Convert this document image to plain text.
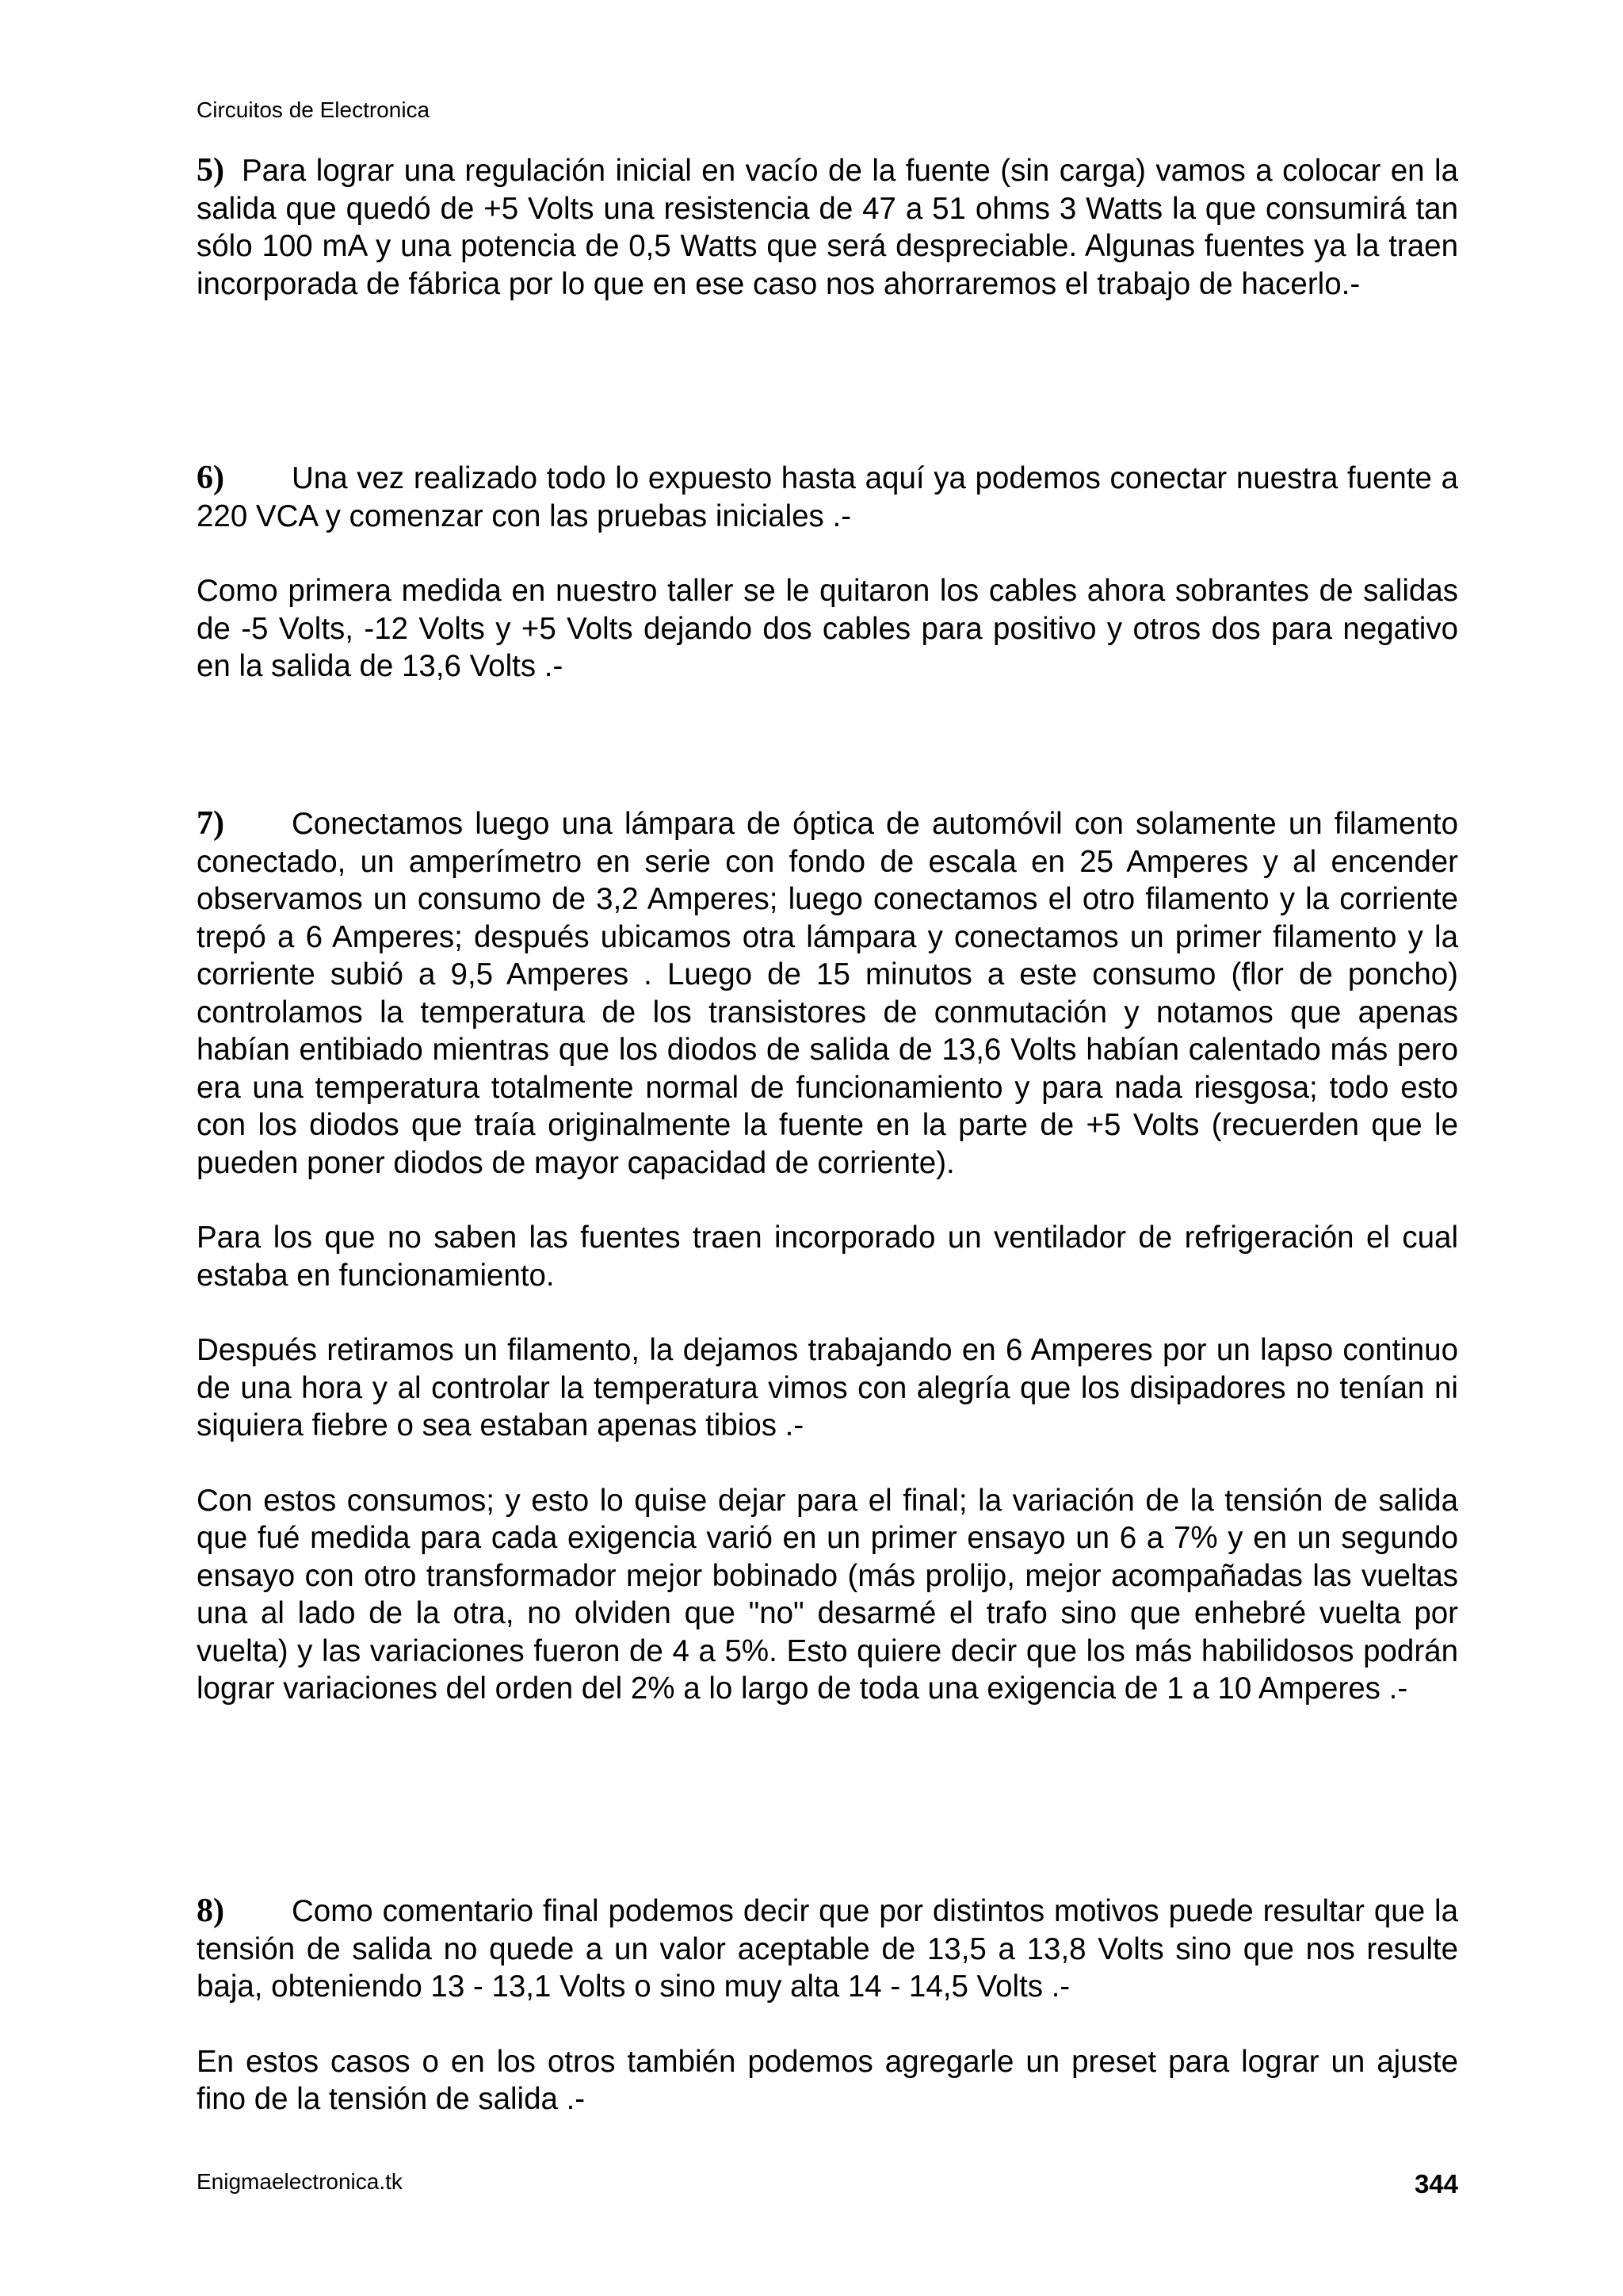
Circuitos de Electronica

5) Para lograr una regulación inicial en vacío de la fuente (sin carga) vamos a colocar en la salida que quedó de +5 Volts una resistencia de 47 a 51 ohms 3 Watts la que consumirá tan sólo 100 mA y una potencia de 0,5 Watts que será despreciable. Algunas fuentes ya la traen incorporada de fábrica por lo que en ese caso nos ahorraremos el trabajo de hacerlo.-

6) Una vez realizado todo lo expuesto hasta aquí ya podemos conectar nuestra fuente a 220 VCA y comenzar con las pruebas iniciales .-

Como primera medida en nuestro taller se le quitaron los cables ahora sobrantes de salidas de -5 Volts, -12 Volts y +5 Volts dejando dos cables para positivo y otros dos para negativo en la salida de 13,6 Volts .-

7) Conectamos luego una lámpara de óptica de automóvil con solamente un filamento conectado, un amperímetro en serie con fondo de escala en 25 Amperes y al encender observamos un consumo de 3,2 Amperes; luego conectamos el otro filamento y la corriente trepó a 6 Amperes; después ubicamos otra lámpara y conectamos un primer filamento y la corriente subió a 9,5 Amperes . Luego de 15 minutos a este consumo (flor de poncho) controlamos la temperatura de los transistores de conmutación y notamos que apenas habían entibiado mientras que los diodos de salida de 13,6 Volts habían calentado más pero era una temperatura totalmente normal de funcionamiento y para nada riesgosa; todo esto con los diodos que traía originalmente la fuente en la parte de +5 Volts (recuerden que le pueden poner diodos de mayor capacidad de corriente).

Para los que no saben las fuentes traen incorporado un ventilador de refrigeración el cual estaba en funcionamiento.

Después retiramos un filamento, la dejamos trabajando en 6 Amperes por un lapso continuo de una hora y al controlar la temperatura vimos con alegría que los disipadores no tenían ni siquiera fiebre o sea estaban apenas tibios .-

Con estos consumos; y esto lo quise dejar para el final; la variación de la tensión de salida que fué medida para cada exigencia varió en un primer ensayo un 6 a 7% y en un segundo ensayo con otro transformador mejor bobinado (más prolijo, mejor acompañadas las vueltas una al lado de la otra, no olviden que "no" desarmé el trafo sino que enhebré vuelta por vuelta) y las variaciones fueron de 4 a 5%. Esto quiere decir que los más habilidosos podrán lograr variaciones del orden del 2% a lo largo de toda una exigencia de 1 a 10 Amperes .-

8) Como comentario final podemos decir que por distintos motivos puede resultar que la tensión de salida no quede a un valor aceptable de 13,5 a 13,8 Volts sino que nos resulte baja, obteniendo 13 - 13,1 Volts o sino muy alta 14 - 14,5 Volts .-

En estos casos o en los otros también podemos agregarle un preset para lograr un ajuste fino de la tensión de salida .-

Enigmaelectronica.tk	344
